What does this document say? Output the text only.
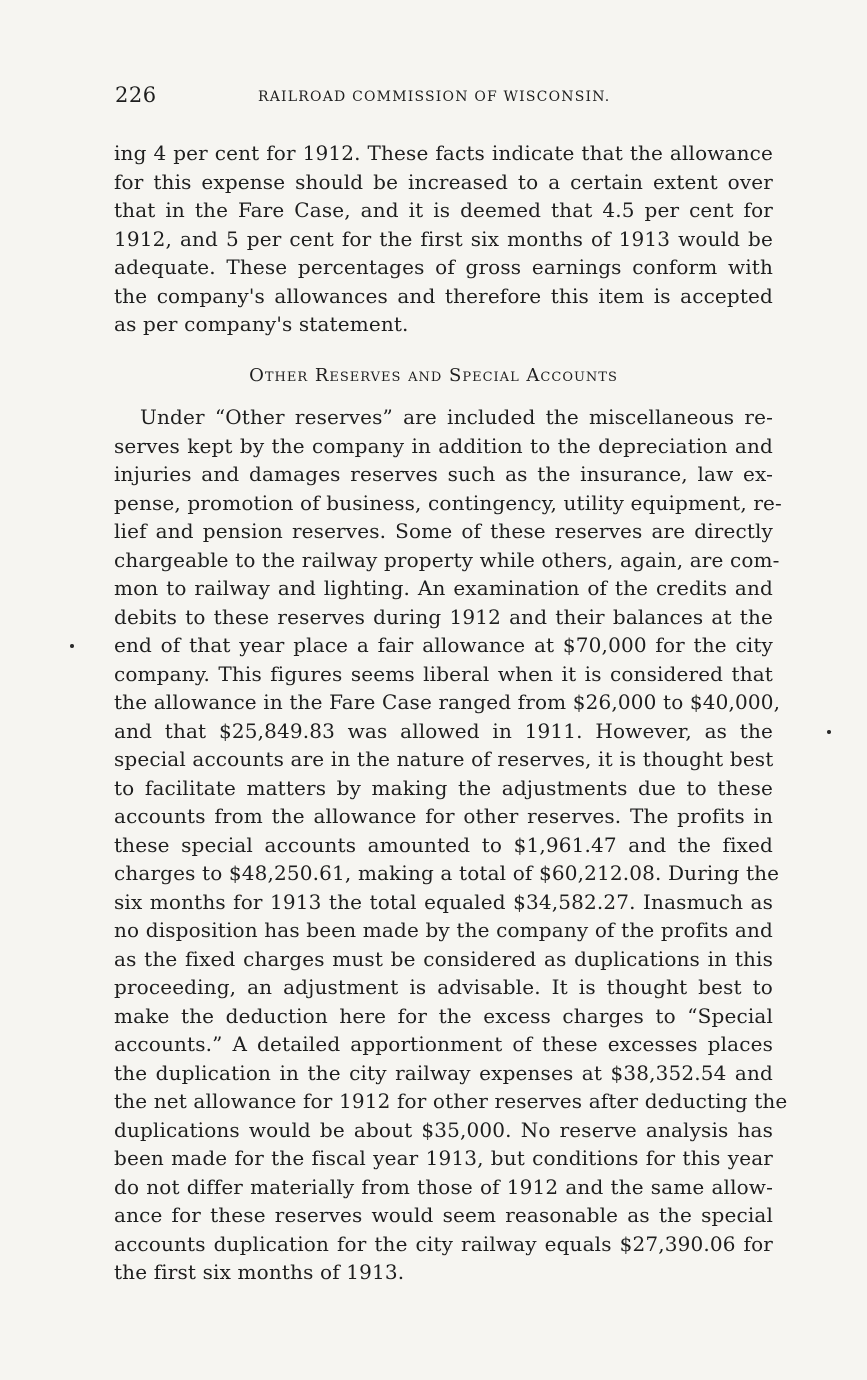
226	RAILROAD COMMISSION OF WISCONSIN.
ing 4 per cent for 1912. These facts indicate that the allowance
for this expense should be increased to a certain extent over
that in the Fare Case, and it is deemed that 4.5 per cent for
1912, and 5 per cent for the first six months of 1913 would be
adequate. These percentages of gross earnings conform with
the company's allowances and therefore this item is accepted
as per company's statement.
Other Reserves and Special Accounts
Under “Other reserves” are included the miscellaneous re-
serves kept by the company in addition to the depreciation and
injuries and damages reserves such as the insurance, law ex-
pense, promotion of business, contingency, utility equipment, re-
lief and pension reserves. Some of these reserves are directly
chargeable to the railway property while others, again, are com-
mon to railway and lighting. An examination of the credits and
debits to these reserves during 1912 and their balances at the
end of that year place a fair allowance at $70,000 for the city
company. This figures seems liberal when it is considered that
the allowance in the Fare Case ranged from $26,000 to $40,000,
and that $25,849.83 was allowed in 1911. However, as the
special accounts are in the nature of reserves, it is thought best
to facilitate matters by making the adjustments due to these
accounts from the allowance for other reserves. The profits in
these special accounts amounted to $1,961.47 and the fixed
charges to $48,250.61, making a total of $60,212.08. During the
six months for 1913 the total equaled $34,582.27. Inasmuch as
no disposition has been made by the company of the profits and
as the fixed charges must be considered as duplications in this
proceeding, an adjustment is advisable. It is thought best to
make the deduction here for the excess charges to “Special
accounts.” A detailed apportionment of these excesses places
the duplication in the city railway expenses at $38,352.54 and
the net allowance for 1912 for other reserves after deducting the
duplications would be about $35,000. No reserve analysis has
been made for the fiscal year 1913, but conditions for this year
do not differ materially from those of 1912 and the same allow-
ance for these reserves would seem reasonable as the special
accounts duplication for the city railway equals $27,390.06 for
the first six months of 1913.
